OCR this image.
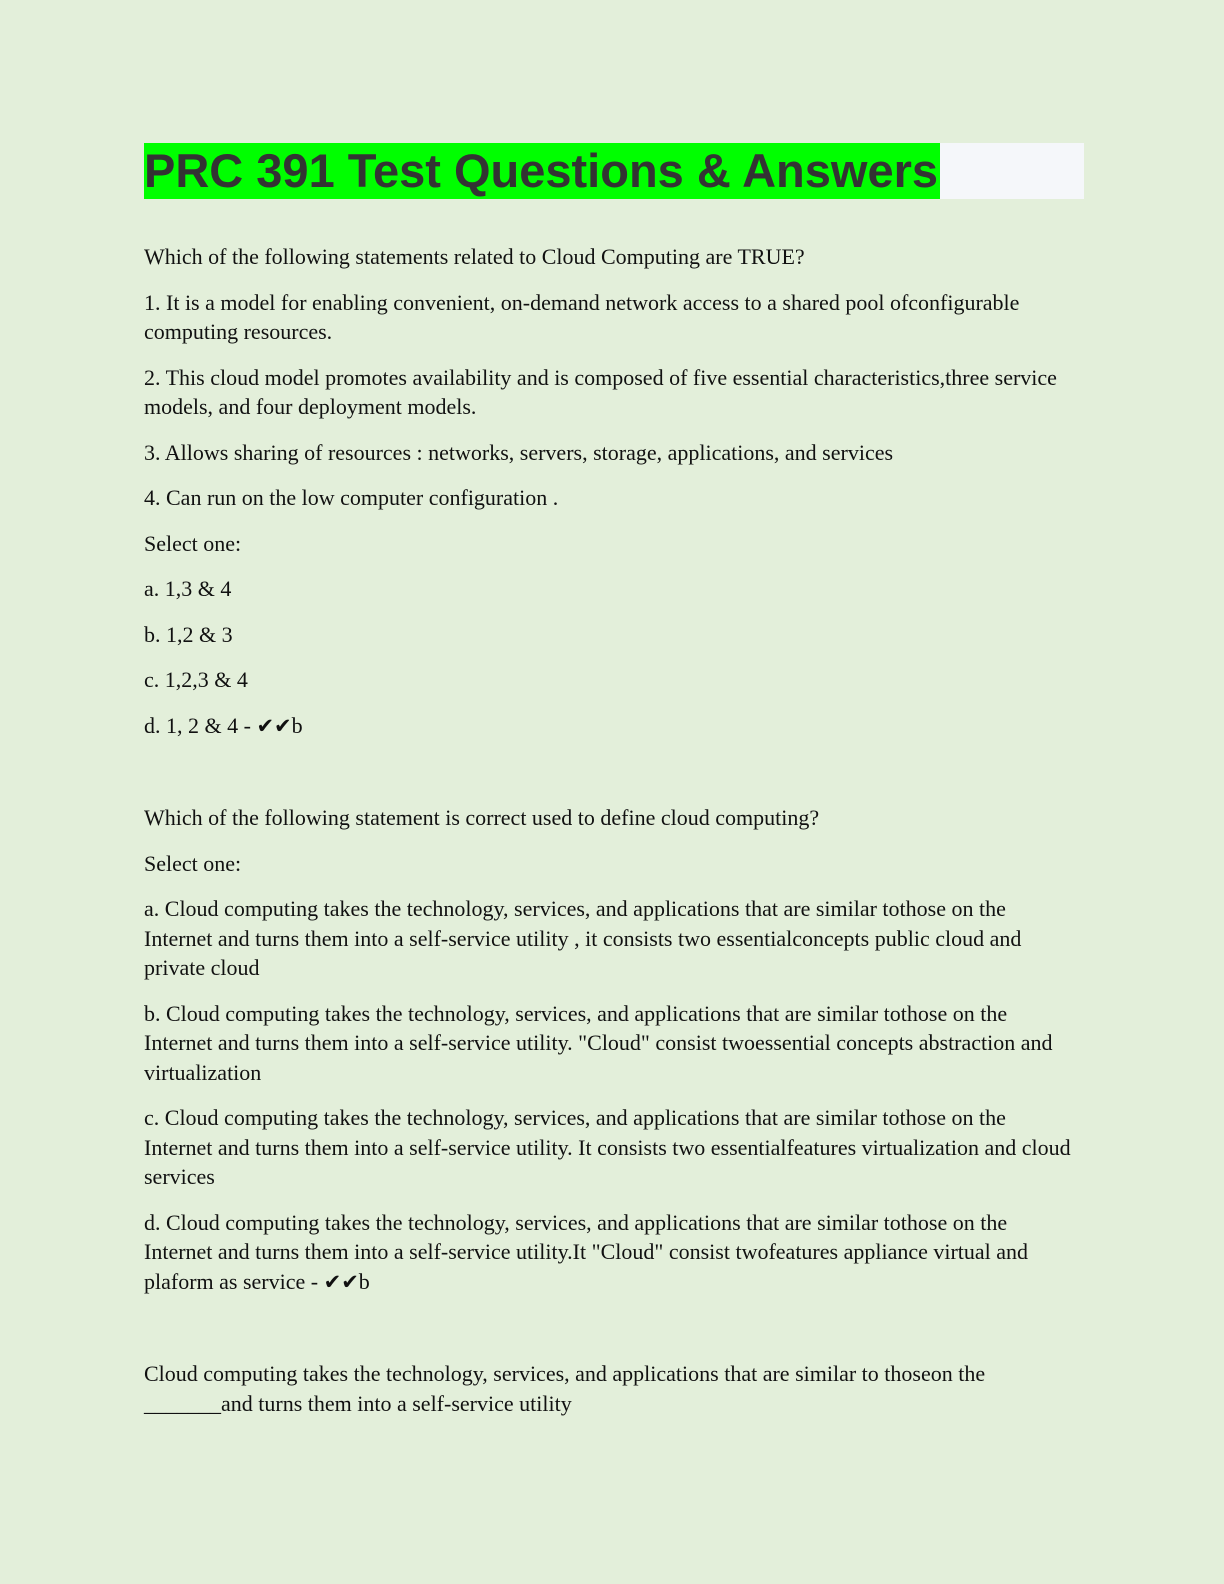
PRC 391 Test Questions & Answers

Which of the following statements related to Cloud Computing are TRUE?

1. It is a model for enabling convenient, on-demand network access to a shared pool ofconfigurable computing resources.

2. This cloud model promotes availability and is composed of five essential characteristics,three service models, and four deployment models.

3. Allows sharing of resources : networks, servers, storage, applications, and services

4. Can run on the low computer configuration .

Select one:

a. 1,3 & 4

b. 1,2 & 3

c. 1,2,3 & 4

d. 1, 2 & 4 - ✔✔b

Which of the following statement is correct used to define cloud computing?

Select one:

a. Cloud computing takes the technology, services, and applications that are similar tothose on the Internet and turns them into a self-service utility , it consists two essentialconcepts public cloud and private cloud

b. Cloud computing takes the technology, services, and applications that are similar tothose on the Internet and turns them into a self-service utility. "Cloud" consist twoessential concepts abstraction and virtualization

c. Cloud computing takes the technology, services, and applications that are similar tothose on the Internet and turns them into a self-service utility. It consists two essentialfeatures virtualization and cloud services

d. Cloud computing takes the technology, services, and applications that are similar tothose on the Internet and turns them into a self-service utility.It "Cloud" consist twofeatures appliance virtual and plaform as service - ✔✔b

Cloud computing takes the technology, services, and applications that are similar to thoseon the _______and turns them into a self-service utility
